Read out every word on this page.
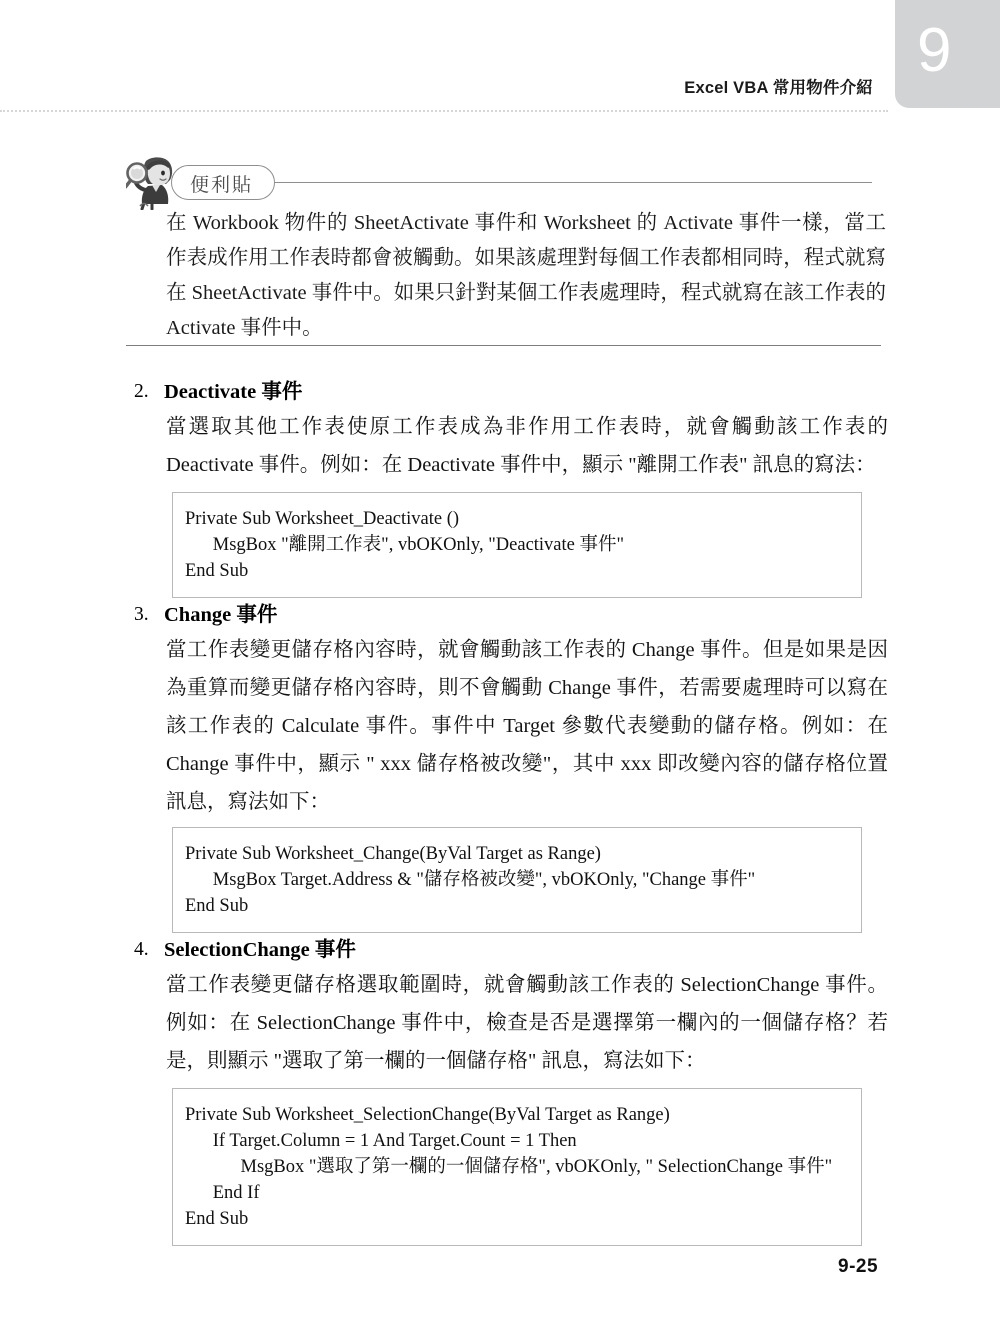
Excel VBA 常用物件介紹
9
便利貼
在 Workbook 物件的 SheetActivate 事件和 Worksheet 的 Activate 事件一樣，當工作表成作用工作表時都會被觸動。如果該處理對每個工作表都相同時，程式就寫在 SheetActivate 事件中。如果只針對某個工作表處理時，程式就寫在該工作表的 Activate 事件中。
2. Deactivate 事件
當選取其他工作表使原工作表成為非作用工作表時，就會觸動該工作表的 Deactivate 事件。例如：在 Deactivate 事件中，顯示 "離開工作表" 訊息的寫法：
Private Sub Worksheet_Deactivate ()
MsgBox "離開工作表", vbOKOnly, "Deactivate 事件"
End Sub
3. Change 事件
當工作表變更儲存格內容時，就會觸動該工作表的 Change 事件。但是如果是因為重算而變更儲存格內容時，則不會觸動 Change 事件，若需要處理時可以寫在該工作表的 Calculate 事件。事件中 Target 參數代表變動的儲存格。例如：在 Change 事件中，顯示 " xxx 儲存格被改變"，其中 xxx 即改變內容的儲存格位置訊息，寫法如下：
Private Sub Worksheet_Change(ByVal Target as Range)
MsgBox Target.Address & "儲存格被改變", vbOKOnly, "Change 事件"
End Sub
4. SelectionChange 事件
當工作表變更儲存格選取範圍時，就會觸動該工作表的 SelectionChange 事件。例如：在 SelectionChange 事件中，檢查是否是選擇第一欄內的一個儲存格？若是，則顯示 "選取了第一欄的一個儲存格" 訊息，寫法如下：
Private Sub Worksheet_SelectionChange(ByVal Target as Range)
If Target.Column = 1 And Target.Count = 1 Then
MsgBox "選取了第一欄的一個儲存格", vbOKOnly, " SelectionChange 事件"
End If
End Sub
9-25
